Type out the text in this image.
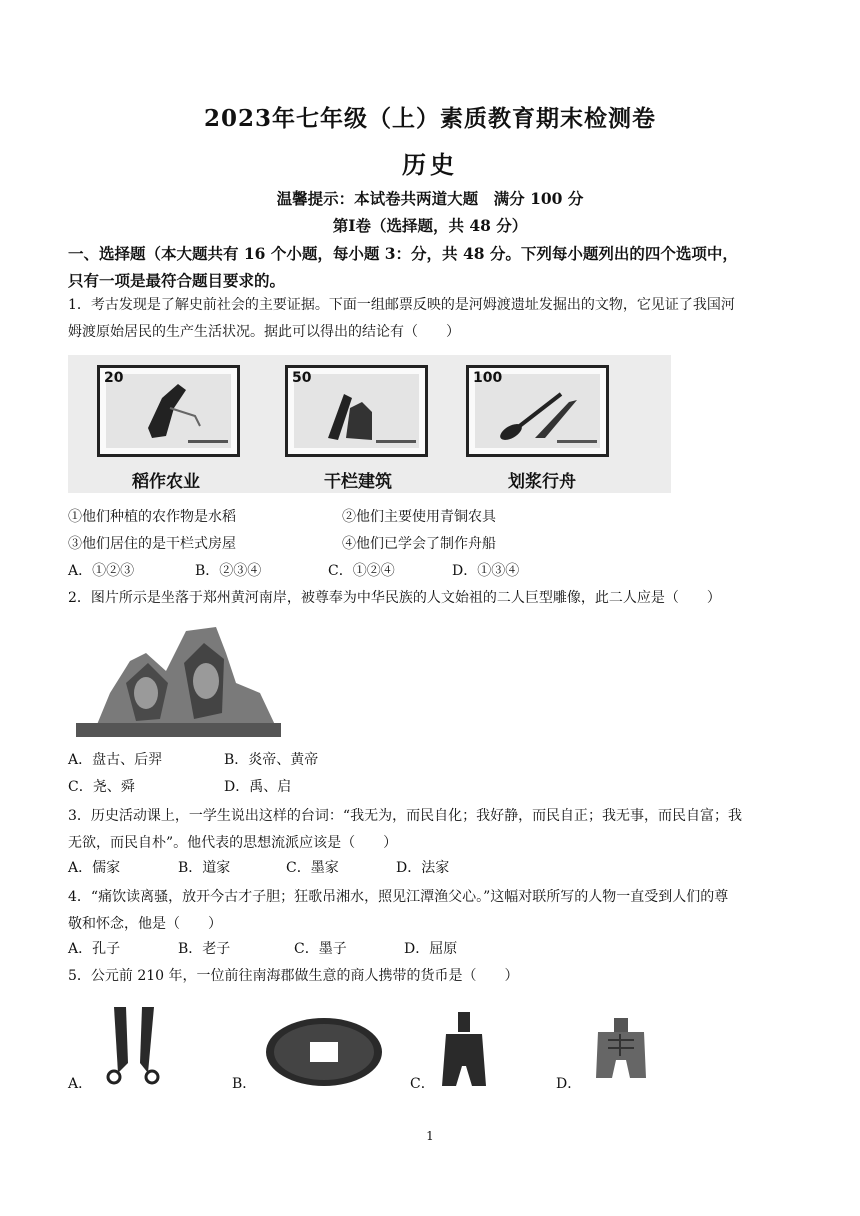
2023年七年级（上）素质教育期末检测卷
历史
温馨提示：本试卷共两道大题　满分 100 分
第Ⅰ卷（选择题，共 48 分）
一、选择题（本大题共有 16 个小题，每小题 3：分，共 48 分。下列每小题列出的四个选项中，
只有一项是最符合题目要求的。
1．考古发现是了解史前社会的主要证据。下面一组邮票反映的是河姆渡遗址发掘出的文物，它见证了我国河
姆渡原始居民的生产生活状况。据此可以得出的结论有（　　）
20	50	100
稻作农业	干栏建筑	划浆行舟
①他们种植的农作物是水稻	②他们主要使用青铜农具
③他们居住的是干栏式房屋	④他们已学会了制作舟船
A．①②③	B．②③④	C．①②④	D．①③④
2．图片所示是坐落于郑州黄河南岸，被尊奉为中华民族的人文始祖的二人巨型雕像，此二人应是（　　）
A．盘古、后羿	B．炎帝、黄帝
C．尧、舜	D．禹、启
3．历史活动课上，一学生说出这样的台词：“我无为，而民自化；我好静，而民自正；我无事，而民自富；我
无欲，而民自朴”。他代表的思想流派应该是（　　）
A．儒家	B．道家	C．墨家	D．法家
4．“痛饮读离骚，放开今古才子胆；狂歌吊湘水，照见江潭渔父心。”这幅对联所写的人物一直受到人们的尊
敬和怀念，他是（　　）
A．孔子	B．老子	C．墨子	D．屈原
5．公元前 210 年，一位前往南海郡做生意的商人携带的货币是（　　）
A．	B．	C．	D．
1
